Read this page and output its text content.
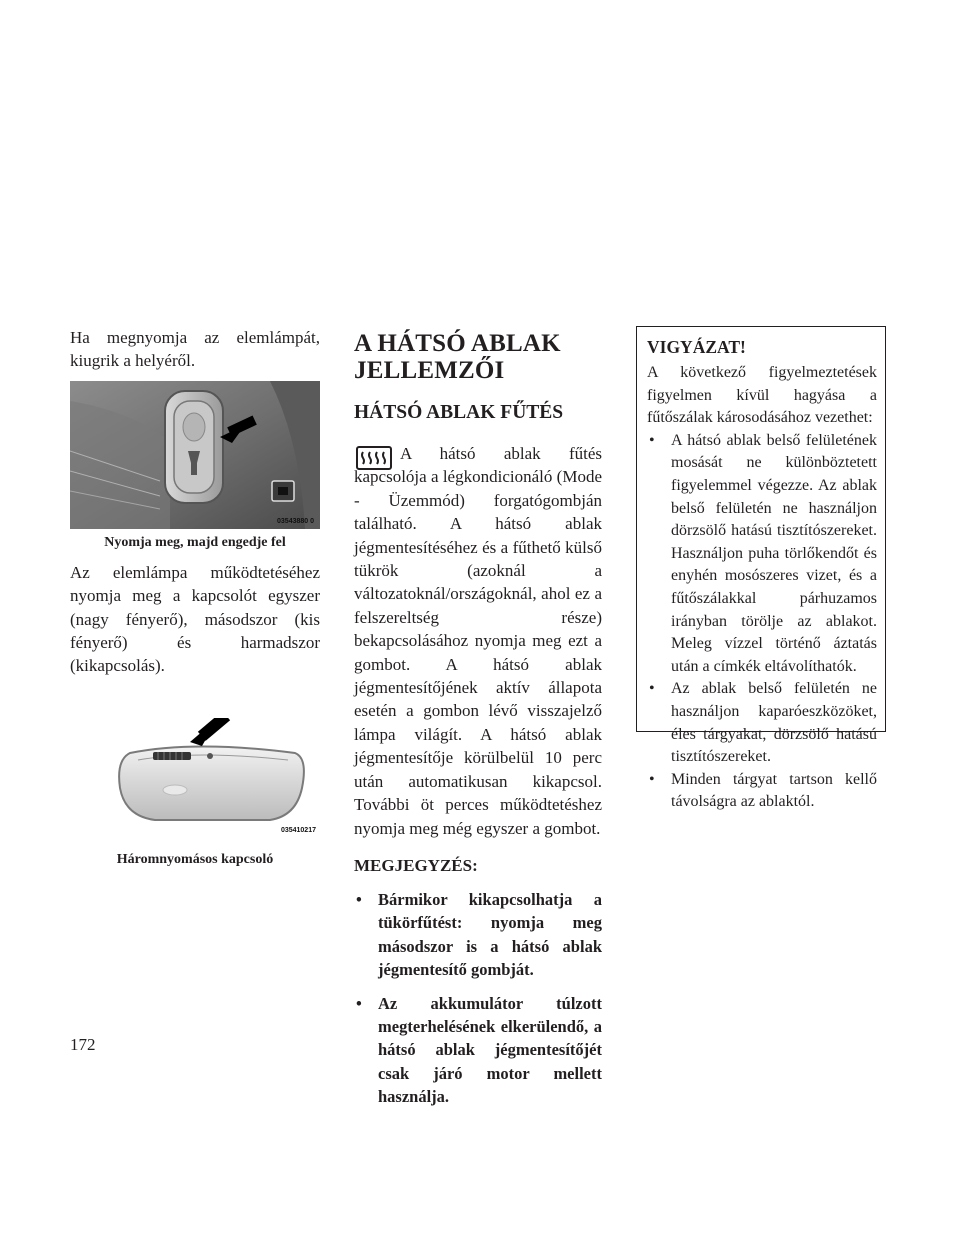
Ha megnyomja az elemlámpát, kiugrik a helyéről.

03543880 0

Nyomja meg, majd engedje fel

Az elemlámpa működtetéséhez nyomja meg a kapcsolót egyszer (nagy fényerő), másodszor (kis fényerő) és harmadszor (kikapcsolás).

035410217

Háromnyomásos kapcsoló

A HÁTSÓ ABLAK
JELLEMZŐI
HÁTSÓ ABLAK FŰTÉS

A hátsó ablak fűtés kapcsolója a légkondicionáló (Mode - Üzemmód) forgatógombján található. A hátsó ablak jégmentesítéséhez és a fűthető külső tükrök (azoknál a változatoknál/országoknál, ahol ez a felszereltség része) bekapcsolásához nyomja meg ezt a gombot. A hátsó ablak jégmentesítőjének aktív állapota esetén a gombon lévő visszajelző lámpa világít. A hátsó ablak jégmentesítője körülbelül 10 perc után automatikusan kikapcsol. További öt perces működtetéshez nyomja meg még egyszer a gombot.

MEGJEGYZÉS:
• Bármikor kikapcsolhatja a tükörfűtést: nyomja meg másodszor is a hátsó ablak jégmentesítő gombját.
• Az akkumulátor túlzott megterhelésének elkerülendő, a hátsó ablak jégmentesítőjét csak járó motor mellett használja.

VIGYÁZAT!

A következő figyelmeztetések figyelmen kívül hagyása a fűtőszálak károsodásához vezethet:

• A hátsó ablak belső felületének mosását ne különböztetett figyelemmel végezze. Az ablak belső felületén ne használjon dörzsölő hatású tisztítószereket. Használjon puha törlőkendőt és enyhén mosószeres vizet, és a fűtőszálakkal párhuzamos irányban törölje az ablakot. Meleg vízzel történő áztatás után a címkék eltávolíthatók.
• Az ablak belső felületén ne használjon kaparóeszközöket, éles tárgyakat, dörzsölő hatású tisztítószereket.
• Minden tárgyat tartson kellő távolságra az ablaktól.
172
